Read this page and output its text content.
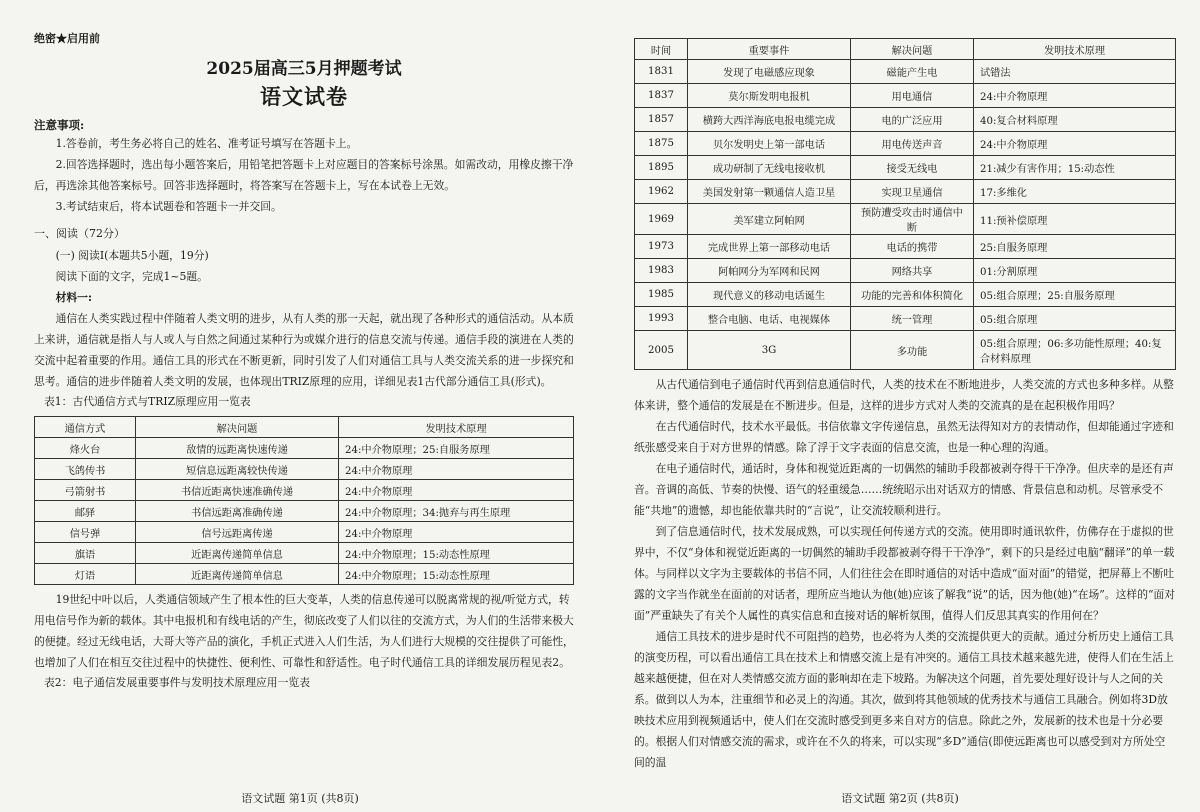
绝密★启用前
2025届高三5月押题考试
语文试卷
注意事项:

1.答卷前，考生务必将自己的姓名、准考证号填写在答题卡上。

2.回答选择题时，选出每小题答案后，用铅笔把答题卡上对应题目的答案标号涂黑。如需改动，用橡皮擦干净后，再选涂其他答案标号。回答非选择题时，将答案写在答题卡上，写在本试卷上无效。

3.考试结束后，将本试题卷和答题卡一并交回。

一、阅读（72分）

(一) 阅读Ⅰ(本题共5小题，19分)

阅读下面的文字，完成1~5题。

材料一:

通信在人类实践过程中伴随着人类文明的进步，从有人类的那一天起，就出现了各种形式的通信活动。从本质上来讲，通信就是指人与人或人与自然之间通过某种行为或媒介进行的信息交流与传递。通信手段的演进在人类的交流中起着重要的作用。通信工具的形式在不断更新，同时引发了人们对通信工具与人类交流关系的进一步探究和思考。通信的进步伴随着人类文明的发展，也体现出TRIZ原理的应用，详细见表1古代部分通信工具(形式)。

表1：古代通信方式与TRIZ原理应用一览表
通信方式	解决问题	发明技术原理
烽火台	敌情的远距离快速传递	24:中介物原理；25:自服务原理
飞鸽传书	短信息远距离较快传递	24:中介物原理
弓箭射书	书信近距离快速准确传递	24:中介物原理
邮驿	书信远距离准确传递	24:中介物原理；34:抛弃与再生原理
信号弹	信号远距离传递	24:中介物原理
旗语	近距离传递简单信息	24:中介物原理；15:动态性原理
灯语	近距离传递简单信息	24:中介物原理；15:动态性原理

19世纪中叶以后，人类通信领域产生了根本性的巨大变革，人类的信息传递可以脱离常规的视/听觉方式，转用电信号作为新的载体。其中电报机和有线电话的产生，彻底改变了人们以往的交流方式，为人们的生活带来极大的便捷。经过无线电话，大哥大等产品的演化，手机正式进入人们生活，为人们进行大规模的交往提供了可能性，也增加了人们在相互交往过程中的快捷性、便利性、可靠性和舒适性。电子时代通信工具的详细发展历程见表2。

表2：电子通信发展重要事件与发明技术原理应用一览表
语文试题 第1页 (共8页)
时间	重要事件	解决问题	发明技术原理
1831	发现了电磁感应现象	磁能产生电	试错法
1837	莫尔斯发明电报机	用电通信	24:中介物原理
1857	横跨大西洋海底电报电缆完成	电的广泛应用	40:复合材料原理
1875	贝尔发明史上第一部电话	用电传送声音	24:中介物原理
1895	成功研制了无线电接收机	接受无线电	21:减少有害作用；15:动态性
1962	美国发射第一颗通信人造卫星	实现卫星通信	17:多维化
1969	美军建立阿帕网	预防遭受攻击时通信中断	11:预补偿原理
1973	完成世界上第一部移动电话	电话的携带	25:自服务原理
1983	阿帕网分为军网和民网	网络共享	01:分割原理
1985	现代意义的移动电话诞生	功能的完善和体积简化	05:组合原理；25:自服务原理
1993	整合电脑、电话、电视媒体	统一管理	05:组合原理
2005	3G	多功能	05:组合原理；06:多功能性原理；40:复合材料原理

从古代通信到电子通信时代再到信息通信时代，人类的技术在不断地进步，人类交流的方式也多种多样。从整体来讲，整个通信的发展是在不断进步。但是，这样的进步方式对人类的交流真的是在起积极作用吗？

在古代通信时代，技术水平最低。书信依靠文字传递信息，虽然无法得知对方的表情动作，但却能通过字迹和纸张感受来自于对方世界的情感。除了浮于文字表面的信息交流，也是一种心理的沟通。

在电子通信时代，通话时，身体和视觉近距离的一切偶然的辅助手段都被剥夺得干干净净。但庆幸的是还有声音。音调的高低、节奏的快慢、语气的轻重缓急……统统昭示出对话双方的情感、背景信息和动机。尽管承受不能“共地”的遗憾，却也能依靠共时的“言说”，让交流较顺利进行。

到了信息通信时代，技术发展成熟，可以实现任何传递方式的交流。使用即时通讯软件，仿佛存在于虚拟的世界中，不仅“身体和视觉近距离的一切偶然的辅助手段都被剥夺得干干净净”，剩下的只是经过电脑“翻译”的单一载体。与同样以文字为主要载体的书信不同，人们往往会在即时通信的对话中造成“面对面”的错觉，把屏幕上不断吐露的文字当作就坐在面前的对话者，理所应当地认为他(她)应该了解我“说”的话，因为他(她)“在场”。这样的“面对面”严重缺失了有关个人属性的真实信息和直接对话的解析氛围，值得人们反思其真实的作用何在？

通信工具技术的进步是时代不可阻挡的趋势，也必将为人类的交流提供更大的贡献。通过分析历史上通信工具的演变历程，可以看出通信工具在技术上和情感交流上是有冲突的。通信工具技术越来越先进，使得人们在生活上越来越便捷，但在对人类情感交流方面的影响却在走下坡路。为解决这个问题，首先要处理好设计与人之间的关系。做到以人为本，注重细节和必灵上的沟通。其次，做到将其他领域的优秀技术与通信工具融合。例如将3D放映技术应用到视频通话中，使人们在交流时感受到更多来自对方的信息。除此之外，发展新的技术也是十分必要的。根据人们对情感交流的需求，或许在不久的将来，可以实现“多D”通信(即使远距离也可以感受到对方所处空间的温

语文试题 第2页 (共8页)
